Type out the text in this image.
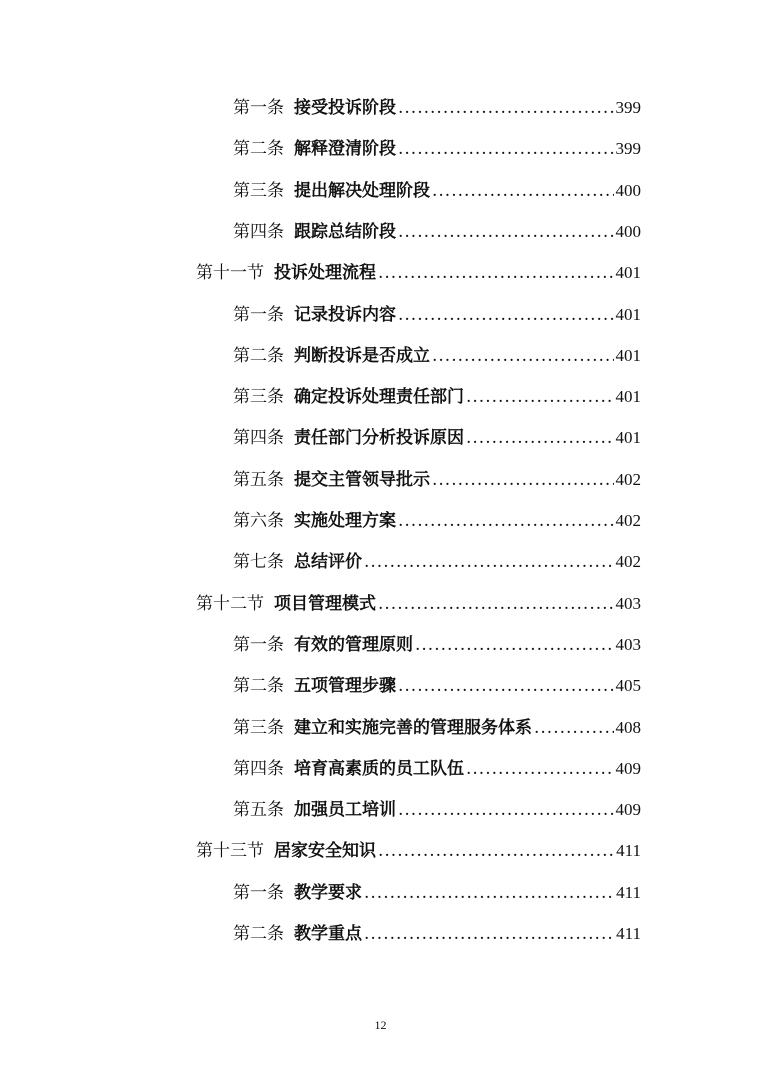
第一条 接受投诉阶段 .....	399
第二条 解释澄清阶段 .....	399
第三条 提出解决处理阶段 .....	400
第四条 跟踪总结阶段 .....	400
第十一节 投诉处理流程 .....	401
第一条 记录投诉内容 .....	401
第二条 判断投诉是否成立 .....	401
第三条 确定投诉处理责任部门 .....	401
第四条 责任部门分析投诉原因 .....	401
第五条 提交主管领导批示 .....	402
第六条 实施处理方案 .....	402
第七条 总结评价 .....	402
第十二节 项目管理模式 .....	403
第一条 有效的管理原则 .....	403
第二条 五项管理步骤 .....	405
第三条 建立和实施完善的管理服务体系 .....	408
第四条 培育高素质的员工队伍 .....	409
第五条 加强员工培训 .....	409
第十三节 居家安全知识 .....	411
第一条 教学要求 .....	411
第二条 教学重点 .....	411
12
